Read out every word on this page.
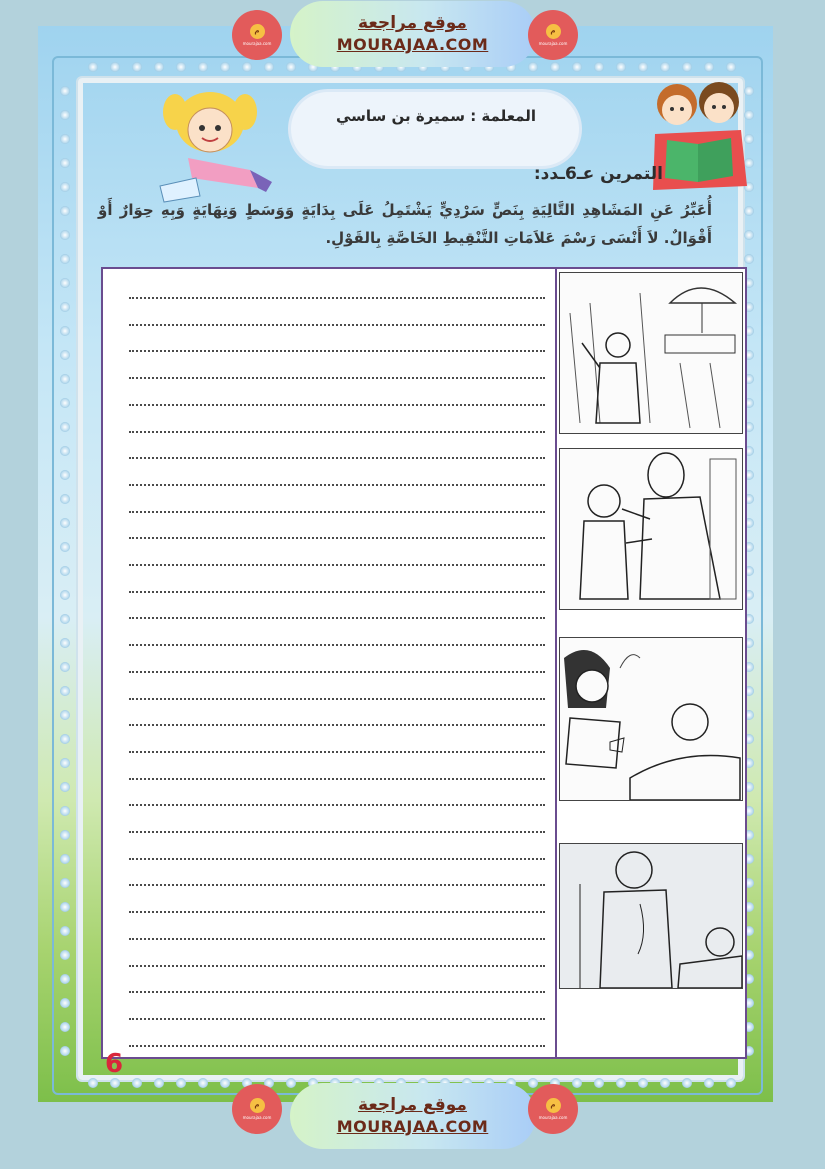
ﻡ
mourajaa.com
موقع مراجعة
MOURAJAA.COM
ﻡ
mourajaa.com
المعلمة : سميرة بن ساسي
التمرين عـ6ـدد:
أُعَبِّرُ عَنِ المَشَاهِدِ التَّالِيَةِ بِنَصٍّ سَرْدِيٍّ يَشْتَمِلُ عَلَى بِدَايَةٍ وَوَسَطٍ وَنِهَايَةٍ وَبِهِ حِوَارٌ أَوْ أَقْوَالٌ. لاَ أَنْسَى رَسْمَ عَلاَمَاتِ التَّنْقِيطِ الخَاصَّةِ بِالقَوْلِ.
6
ﻡ
mourajaa.com
موقع مراجعة
MOURAJAA.COM
ﻡ
mourajaa.com
